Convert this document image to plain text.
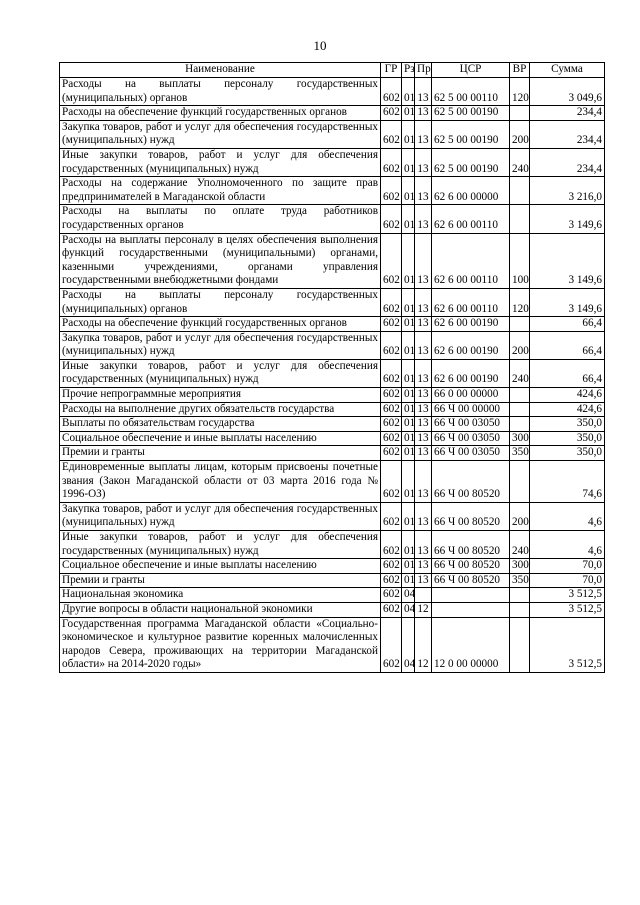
10
Наименование	ГР	Рз	Пр	ЦСР	ВР	Сумма
Расходы на выплаты персоналу государственных (муниципальных) органов	602	01	13	62 5 00 00110	120	3 049,6
Расходы на обеспечение функций государственных органов	602	01	13	62 5 00 00190		234,4
Закупка товаров, работ и услуг для обеспечения государственных (муниципальных) нужд	602	01	13	62 5 00 00190	200	234,4
Иные закупки товаров, работ и услуг для обеспечения государственных (муниципальных) нужд	602	01	13	62 5 00 00190	240	234,4
Расходы на содержание Уполномоченного по защите прав предпринимателей в Магаданской области	602	01	13	62 6 00 00000		3 216,0
Расходы на выплаты по оплате труда работников государственных органов	602	01	13	62 6 00 00110		3 149,6
Расходы на выплаты персоналу в целях обеспечения выполнения функций государственными (муниципальными) органами, казенными учреждениями, органами управления государственными внебюджетными фондами	602	01	13	62 6 00 00110	100	3 149,6
Расходы на выплаты персоналу государственных (муниципальных) органов	602	01	13	62 6 00 00110	120	3 149,6
Расходы на обеспечение функций государственных органов	602	01	13	62 6 00 00190		66,4
Закупка товаров, работ и услуг для обеспечения государственных (муниципальных) нужд	602	01	13	62 6 00 00190	200	66,4
Иные закупки товаров, работ и услуг для обеспечения государственных (муниципальных) нужд	602	01	13	62 6 00 00190	240	66,4
Прочие непрограммные мероприятия	602	01	13	66 0 00 00000		424,6
Расходы на выполнение других обязательств государства	602	01	13	66 Ч 00 00000		424,6
Выплаты по обязательствам государства	602	01	13	66 Ч 00 03050		350,0
Социальное обеспечение и иные выплаты населению	602	01	13	66 Ч 00 03050	300	350,0
Премии и гранты	602	01	13	66 Ч 00 03050	350	350,0
Единовременные выплаты лицам, которым присвоены почетные звания (Закон Магаданской области от 03 марта 2016 года № 1996-ОЗ)	602	01	13	66 Ч 00 80520		74,6
Закупка товаров, работ и услуг для обеспечения государственных (муниципальных) нужд	602	01	13	66 Ч 00 80520	200	4,6
Иные закупки товаров, работ и услуг для обеспечения государственных (муниципальных) нужд	602	01	13	66 Ч 00 80520	240	4,6
Социальное обеспечение и иные выплаты населению	602	01	13	66 Ч 00 80520	300	70,0
Премии и гранты	602	01	13	66 Ч 00 80520	350	70,0
Национальная экономика	602	04				3 512,5
Другие вопросы в области национальной экономики	602	04	12			3 512,5
Государственная программа Магаданской области «Социально-экономическое и культурное развитие коренных малочисленных народов Севера, проживающих на территории Магаданской области» на 2014-2020 годы»	602	04	12	12 0 00 00000		3 512,5
